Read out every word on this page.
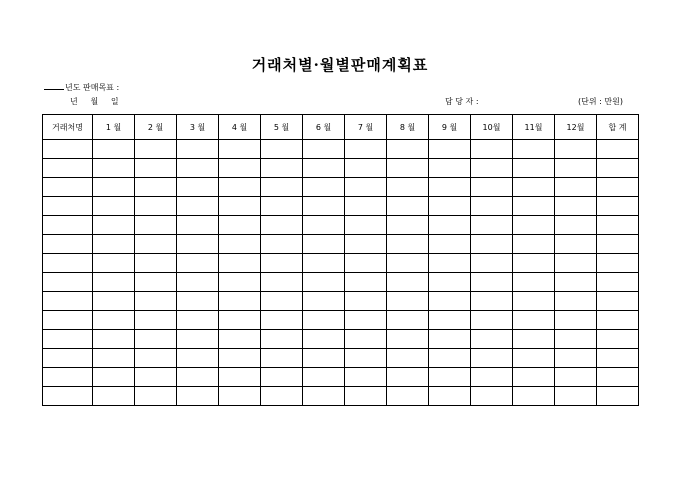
거래처별·월별판매계획표
년도 판매목표 :
년     월     일	담 당 자 :	(단위 : 만원)
거래처명	1 월	2 월	3 월	4 월	5 월	6 월	7 월	8 월	9 월	10월	11월	12월	합 계
